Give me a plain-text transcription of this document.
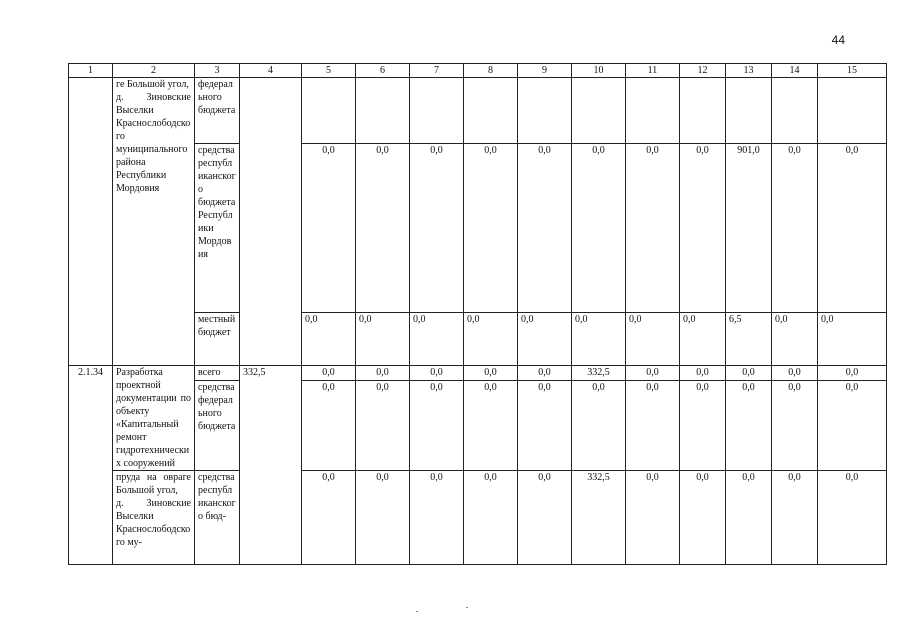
44
1	2	3	4	5	6	7	8	9	10	11	12	13	14	15
	ге Большой угол,
д. Зиновские Выселки
Краснослободского муниципального района Республики Мордовия	федерального бюджета												
		средства республиканского бюджета Республики Мордовия		0,0	0,0	0,0	0,0	0,0	0,0	0,0	0,0	901,0	0,0	0,0
		местный бюджет		0,0	0,0	0,0	0,0	0,0	0,0	0,0	0,0	6,5	0,0	0,0
2.1.34	Разработка проектной документации по объекту «Капитальный ремонт гидротехнических сооружений	всего	332,5	0,0	0,0	0,0	0,0	0,0	332,5	0,0	0,0	0,0	0,0	0,0
		средства федерального бюджета		0,0	0,0	0,0	0,0	0,0	0,0	0,0	0,0	0,0	0,0	0,0
	пруда на овраге Большой угол,
д. Зиновские Выселки
Краснослободского му-	средства республиканского бюд-		0,0	0,0	0,0	0,0	0,0	332,5	0,0	0,0	0,0	0,0	0,0
